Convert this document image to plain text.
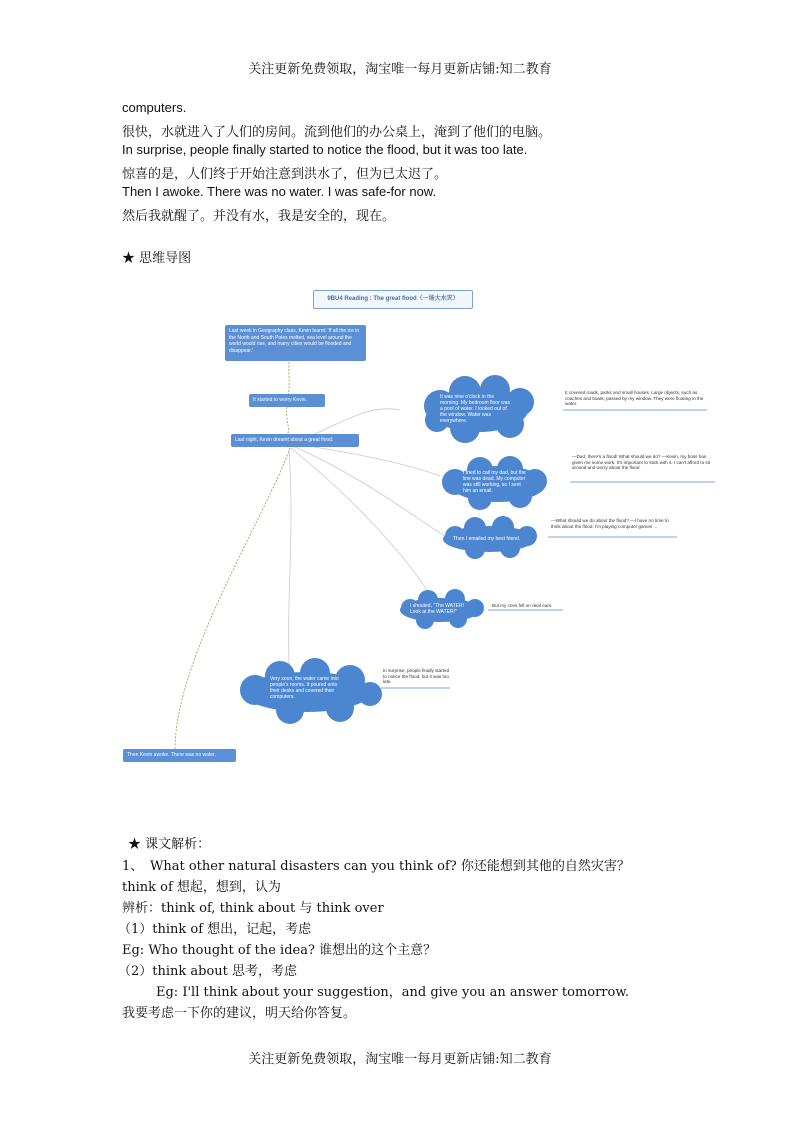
关注更新免费领取，淘宝唯一每月更新店铺:知二教育
computers.
很快，水就进入了人们的房间。流到他们的办公桌上，淹到了他们的电脑。
In surprise, people finally started to notice the flood, but it was too late.
惊喜的是，人们终于开始注意到洪水了，但为已太迟了。
Then I awoke. There was no water. I was safe-for now.
然后我就醒了。并没有水，我是安全的，现在。
★ 思维导图
9BU4 Reading : The great flood（一场大水灾）
Last week in Geography class, Kevin learnt: 'If all the ice in the North and South Poles melted, sea level around the world would rise, and many cities would be flooded and disappear.'
It started to worry Kevin.
Last night, Kevin dreamt about a great flood.
Then Kevin awoke. There was no water.
It was nine o'clock in the morning. My bedroom floor was a pool of water. I looked out of the window. Water was everywhere.
I tried to call my dad, but the line was dead. My computer was still working, so I sent him an email.
Then I emailed my best friend.
I shouted, "The WATER! Look at the WATER!"
Very soon, the water came into people's rooms. It poured onto their desks and covered their computers.
It covered roads, parks and small houses. Large objects, such as coaches and boats, passed by my window. They were floating in the water.
—Dad, there's a flood! What should we do? —Kevin, my boss has given me some work. It's important to stick with it. I can't afford to sit around and worry about the flood.
—What should we do about the flood? —I have no time to think about the flood. I'm playing computer games ...
But my cries fell on deaf ears.
In surprise, people finally started to notice the flood, but it was too late.
★ 课文解析：
1、 What other natural disasters can you think of? 你还能想到其他的自然灾害？
think of 想起，想到，认为
辨析：think of, think about 与 think over
（1）think of 想出，记起，考虑
Eg: Who thought of the idea? 谁想出的这个主意？
（2）think about 思考，考虑
Eg: I'll think about your suggestion，and give you an answer tomorrow.
我要考虑一下你的建议，明天给你答复。
关注更新免费领取，淘宝唯一每月更新店铺:知二教育
